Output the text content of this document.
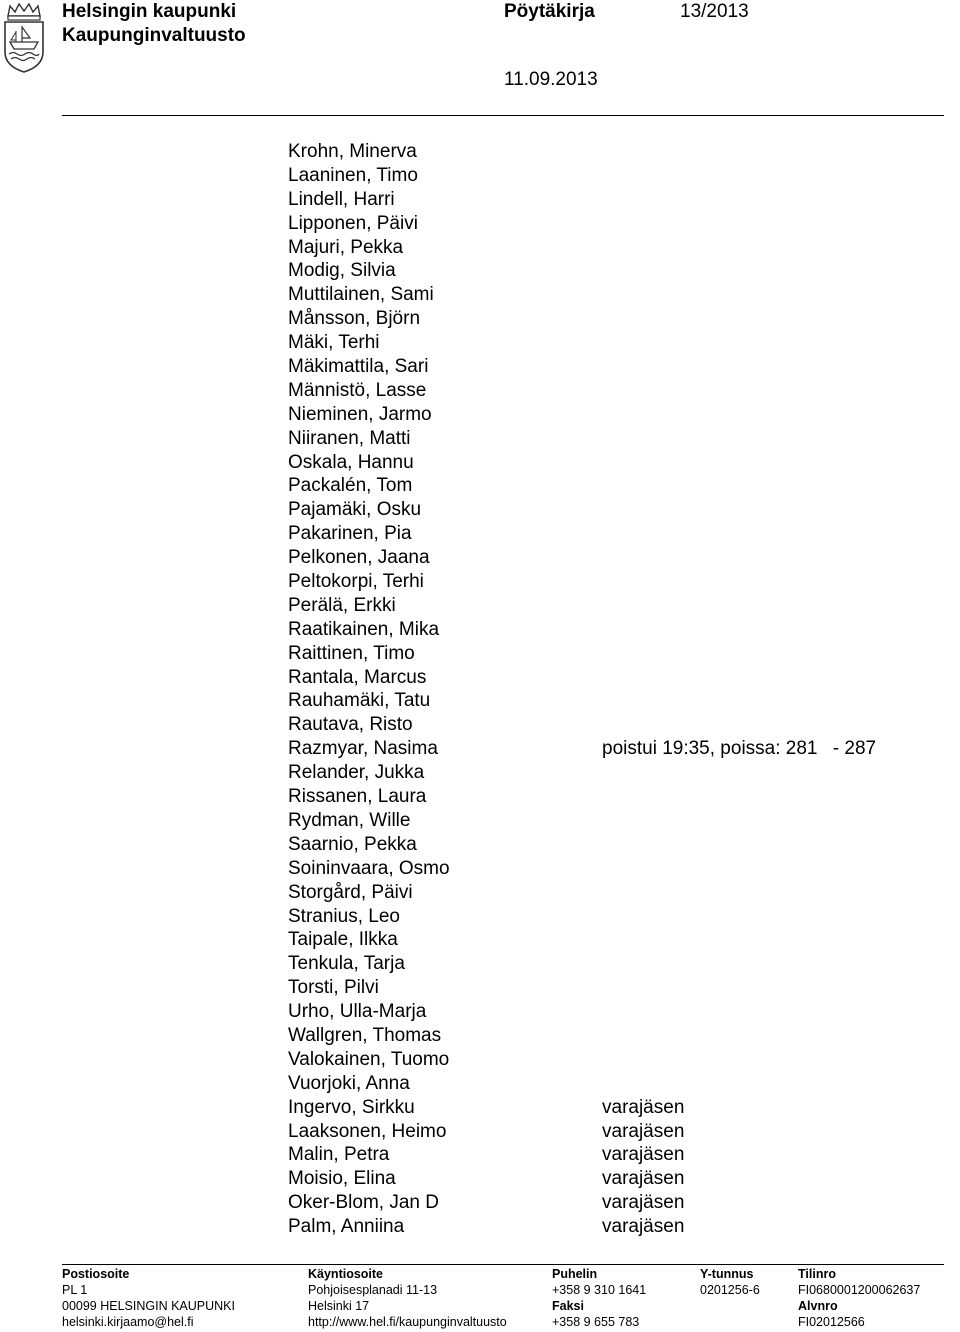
Helsingin kaupunki
Kaupunginvaltuusto
Pöytäkirja	13/2013
11.09.2013
Krohn, Minerva
Laaninen, Timo
Lindell, Harri
Lipponen, Päivi
Majuri, Pekka
Modig, Silvia
Muttilainen, Sami
Månsson, Björn
Mäki, Terhi
Mäkimattila, Sari
Männistö, Lasse
Nieminen, Jarmo
Niiranen, Matti
Oskala, Hannu
Packalén, Tom
Pajamäki, Osku
Pakarinen, Pia
Pelkonen, Jaana
Peltokorpi, Terhi
Perälä, Erkki
Raatikainen, Mika
Raittinen, Timo
Rantala, Marcus
Rauhamäki, Tatu
Rautava, Risto
Razmyar, Nasima	poistui 19:35, poissa: 281 - 287
Relander, Jukka
Rissanen, Laura
Rydman, Wille
Saarnio, Pekka
Soininvaara, Osmo
Storgård, Päivi
Stranius, Leo
Taipale, Ilkka
Tenkula, Tarja
Torsti, Pilvi
Urho, Ulla-Marja
Wallgren, Thomas
Valokainen, Tuomo
Vuorjoki, Anna
Ingervo, Sirkku	varajäsen
Laaksonen, Heimo	varajäsen
Malin, Petra	varajäsen
Moisio, Elina	varajäsen
Oker-Blom, Jan D	varajäsen
Palm, Anniina	varajäsen
Postiosoite
PL 1
00099 HELSINGIN KAUPUNKI
helsinki.kirjaamo@hel.fi
Käyntiosoite
Pohjoisesplanadi 11-13
Helsinki 17
http://www.hel.fi/kaupunginvaltuusto
Puhelin
+358 9 310 1641
Faksi
+358 9 655 783
Y-tunnus
0201256-6
Tilinro
FI0680001200062637
Alvnro
FI02012566
